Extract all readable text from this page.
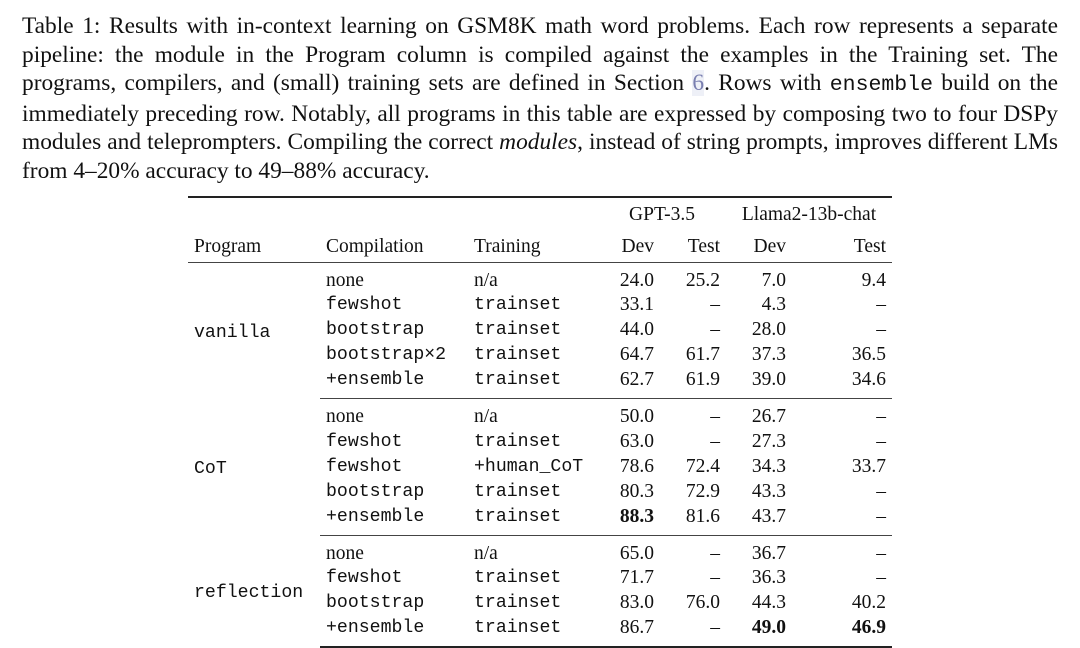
Table 1: Results with in-context learning on GSM8K math word problems. Each row represents a separate pipeline: the module in the Program column is compiled against the examples in the Training set. The programs, compilers, and (small) training sets are defined in Section 6. Rows with ensemble build on the immediately preceding row. Notably, all programs in this table are expressed by composing two to four DSPy modules and teleprompters. Compiling the correct modules, instead of string prompts, improves different LMs from 4–20% accuracy to 49–88% accuracy.
			GPT-3.5		Llama2-13b-chat	
Program	Compilation	Training	Dev	Test	Dev	Test
vanilla	none	n/a	24.0	25.2	7.0	9.4
	fewshot	trainset	33.1	–	4.3	–
	bootstrap	trainset	44.0	–	28.0	–
	bootstrap×2	trainset	64.7	61.7	37.3	36.5
	+ensemble	trainset	62.7	61.9	39.0	34.6
CoT	none	n/a	50.0	–	26.7	–
	fewshot	trainset	63.0	–	27.3	–
	fewshot	+human_CoT	78.6	72.4	34.3	33.7
	bootstrap	trainset	80.3	72.9	43.3	–
	+ensemble	trainset	88.3	81.6	43.7	–
reflection	none	n/a	65.0	–	36.7	–
	fewshot	trainset	71.7	–	36.3	–
	bootstrap	trainset	83.0	76.0	44.3	40.2
	+ensemble	trainset	86.7	–	49.0	46.9
